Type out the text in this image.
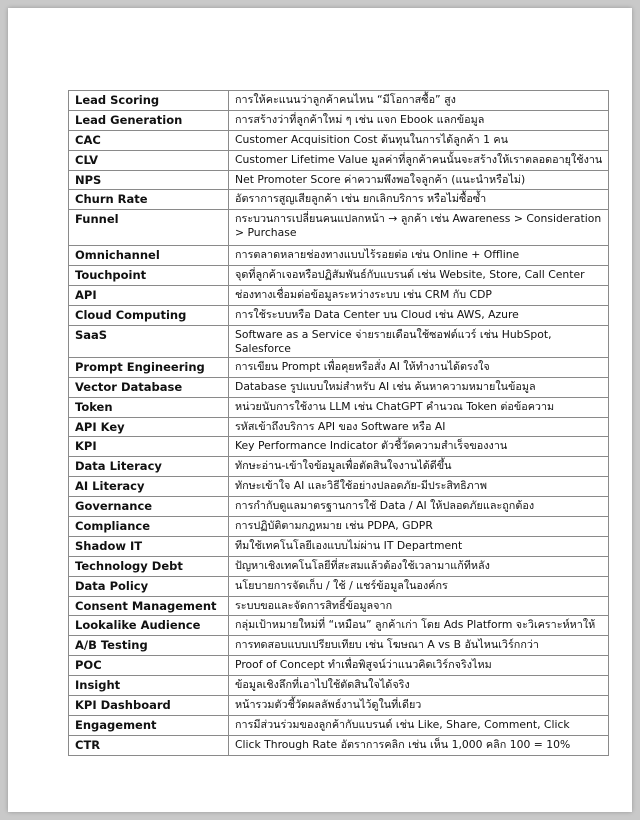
Lead Scoring	การให้คะแนนว่าลูกค้าคนไหน “มีโอกาสซื้อ” สูง
Lead Generation	การสร้างว่าที่ลูกค้าใหม่ ๆ เช่น แจก Ebook แลกข้อมูล
CAC	Customer Acquisition Cost ต้นทุนในการได้ลูกค้า 1 คน
CLV	Customer Lifetime Value มูลค่าที่ลูกค้าคนนั้นจะสร้างให้เราตลอดอายุใช้งาน
NPS	Net Promoter Score ค่าความพึงพอใจลูกค้า (แนะนำหรือไม่)
Churn Rate	อัตราการสูญเสียลูกค้า เช่น ยกเลิกบริการ หรือไม่ซื้อซ้ำ
Funnel	กระบวนการเปลี่ยนคนแปลกหน้า → ลูกค้า เช่น Awareness > Consideration > Purchase
Omnichannel	การตลาดหลายช่องทางแบบไร้รอยต่อ เช่น Online + Offline
Touchpoint	จุดที่ลูกค้าเจอหรือปฏิสัมพันธ์กับแบรนด์ เช่น Website, Store, Call Center
API	ช่องทางเชื่อมต่อข้อมูลระหว่างระบบ เช่น CRM กับ CDP
Cloud Computing	การใช้ระบบหรือ Data Center บน Cloud เช่น AWS, Azure
SaaS	Software as a Service จ่ายรายเดือนใช้ซอฟต์แวร์ เช่น HubSpot, Salesforce
Prompt Engineering	การเขียน Prompt เพื่อคุยหรือสั่ง AI ให้ทำงานได้ตรงใจ
Vector Database	Database รูปแบบใหม่สำหรับ AI เช่น ค้นหาความหมายในข้อมูล
Token	หน่วยนับการใช้งาน LLM เช่น ChatGPT คำนวณ Token ต่อข้อความ
API Key	รหัสเข้าถึงบริการ API ของ Software หรือ AI
KPI	Key Performance Indicator ตัวชี้วัดความสำเร็จของงาน
Data Literacy	ทักษะอ่าน-เข้าใจข้อมูลเพื่อตัดสินใจงานได้ดีขึ้น
AI Literacy	ทักษะเข้าใจ AI และวิธีใช้อย่างปลอดภัย-มีประสิทธิภาพ
Governance	การกำกับดูแลมาตรฐานการใช้ Data / AI ให้ปลอดภัยและถูกต้อง
Compliance	การปฏิบัติตามกฎหมาย เช่น PDPA, GDPR
Shadow IT	ทีมใช้เทคโนโลยีเองแบบไม่ผ่าน IT Department
Technology Debt	ปัญหาเชิงเทคโนโลยีที่สะสมแล้วต้องใช้เวลามาแก้ทีหลัง
Data Policy	นโยบายการจัดเก็บ / ใช้ / แชร์ข้อมูลในองค์กร
Consent Management	ระบบขอและจัดการสิทธิ์ข้อมูลจาก
Lookalike Audience	กลุ่มเป้าหมายใหม่ที่ “เหมือน” ลูกค้าเก่า โดย Ads Platform จะวิเคราะห์หาให้
A/B Testing	การทดสอบแบบเปรียบเทียบ เช่น โฆษณา A vs B อันไหนเวิร์กกว่า
POC	Proof of Concept ทำเพื่อพิสูจน์ว่าแนวคิดเวิร์กจริงไหม
Insight	ข้อมูลเชิงลึกที่เอาไปใช้ตัดสินใจได้จริง
KPI Dashboard	หน้ารวมตัวชี้วัดผลลัพธ์งานไว้ดูในที่เดียว
Engagement	การมีส่วนร่วมของลูกค้ากับแบรนด์ เช่น Like, Share, Comment, Click
CTR	Click Through Rate อัตราการคลิก เช่น เห็น 1,000 คลิก 100 = 10%
